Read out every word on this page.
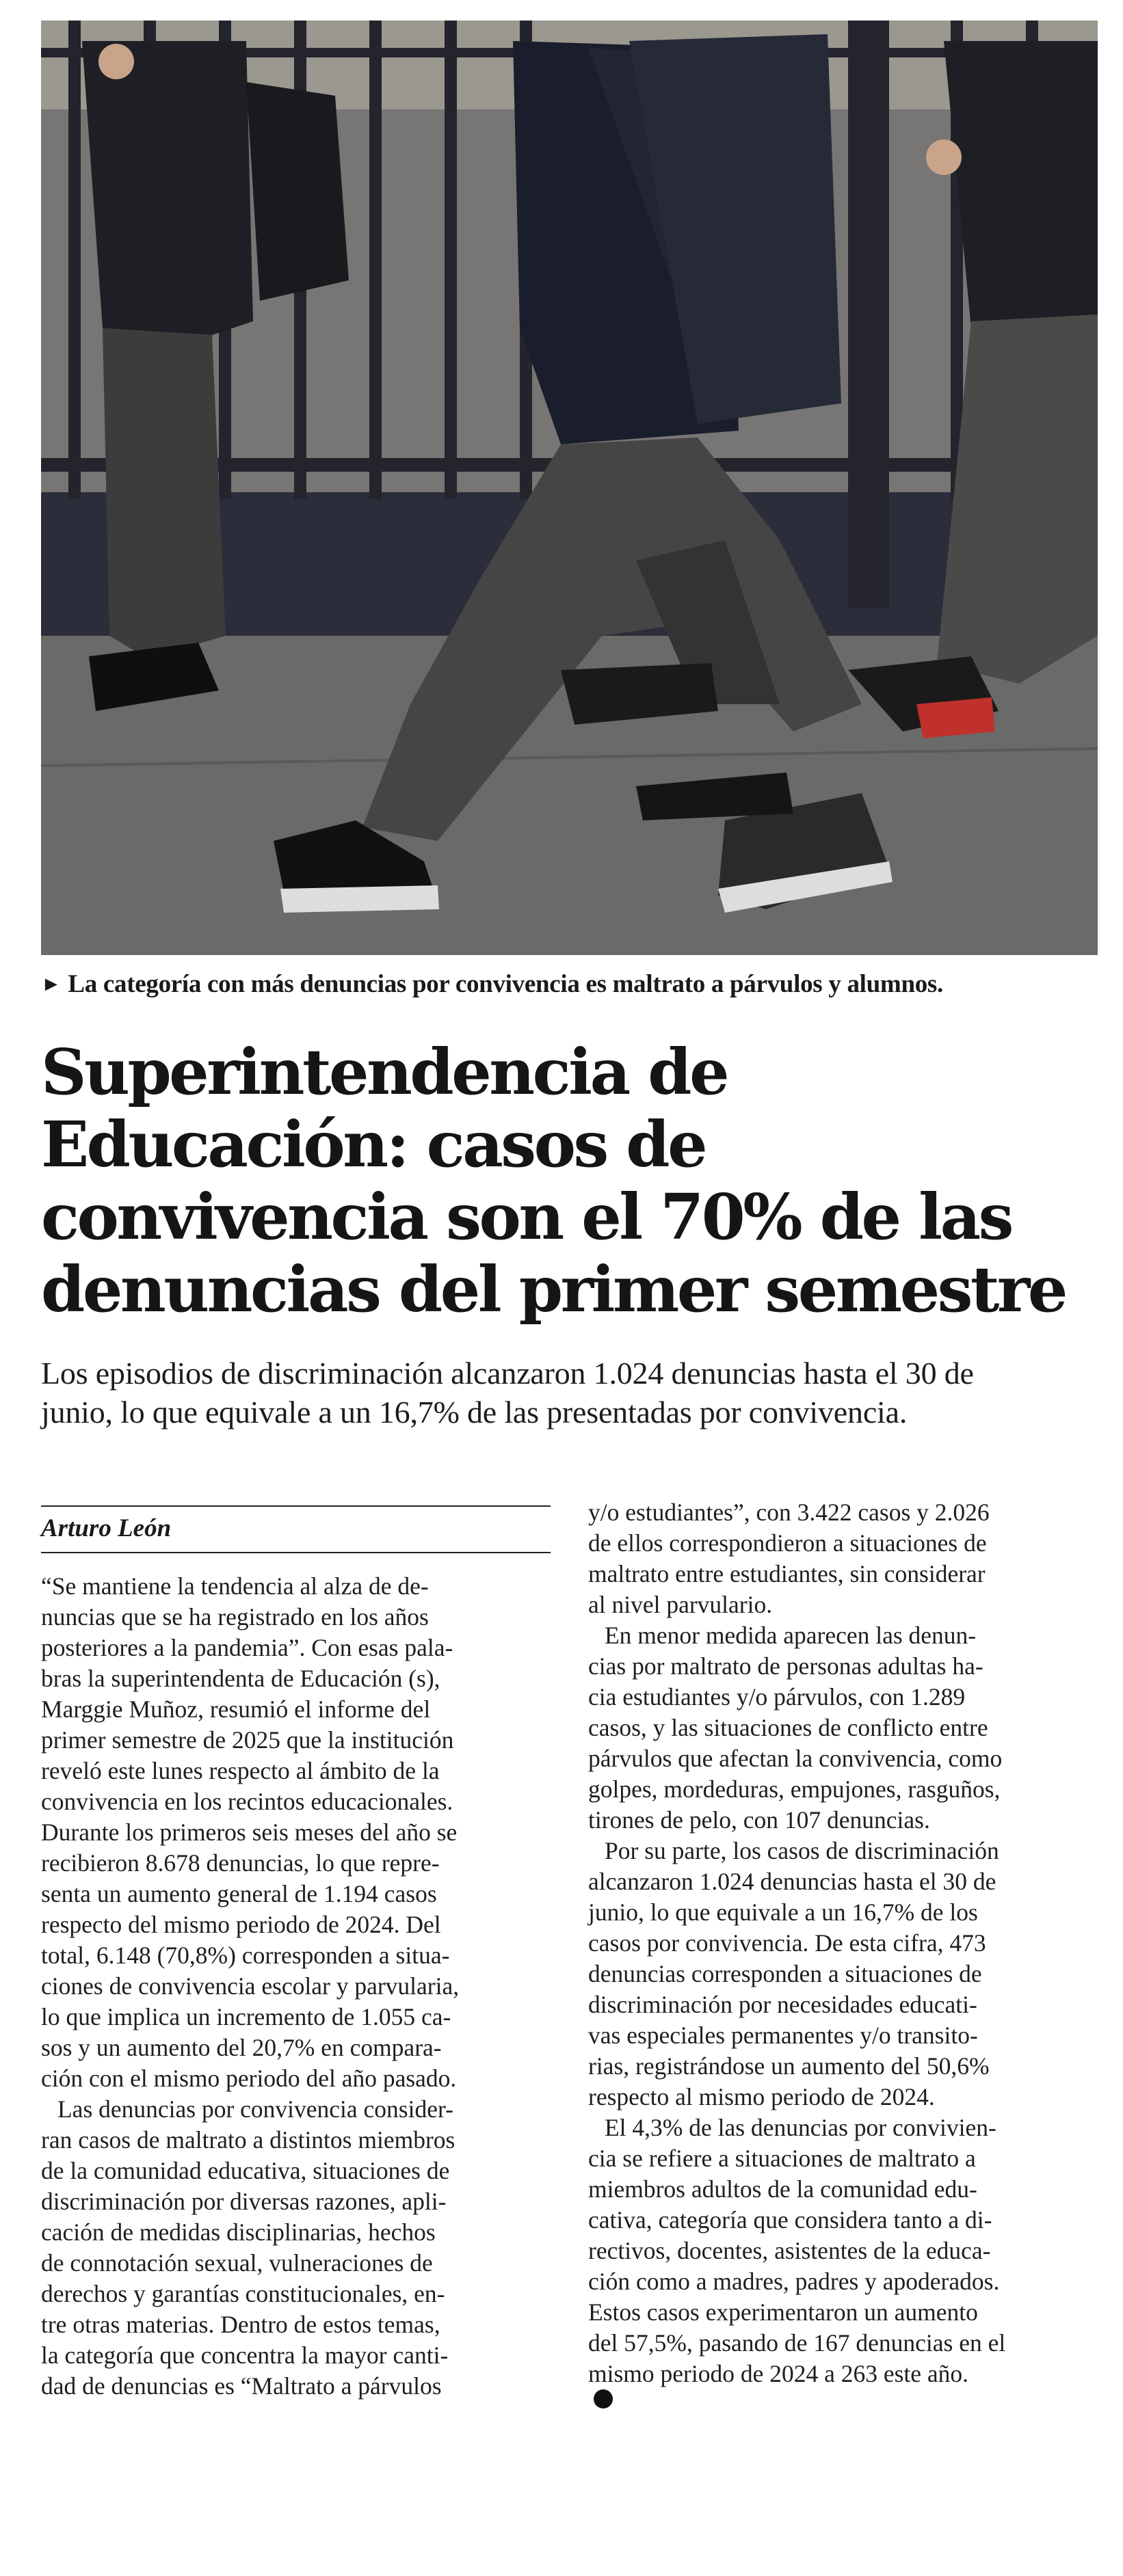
► La categoría con más denuncias por convivencia es maltrato a párvulos y alumnos.
Superintendencia de
Educación: casos de
convivencia son el 70% de las
denuncias del primer semestre

Los episodios de discriminación alcanzaron 1.024 denuncias hasta el 30 de
junio, lo que equivale a un 16,7% de las presentadas por convivencia.

Arturo León
“Se mantiene la tendencia al alza de de-
nuncias que se ha registrado en los años
posteriores a la pandemia”. Con esas pala-
bras la superintendenta de Educación (s),
Marggie Muñoz, resumió el informe del
primer semestre de 2025 que la institución
reveló este lunes respecto al ámbito de la
convivencia en los recintos educacionales.
Durante los primeros seis meses del año se
recibieron 8.678 denuncias, lo que repre-
senta un aumento general de 1.194 casos
respecto del mismo periodo de 2024. Del
total, 6.148 (70,8%) corresponden a situa-
ciones de convivencia escolar y parvularia,
lo que implica un incremento de 1.055 ca-
sos y un aumento del 20,7% en compara-
ción con el mismo periodo del año pasado.
Las denuncias por convivencia consider-
ran casos de maltrato a distintos miembros
de la comunidad educativa, situaciones de
discriminación por diversas razones, apli-
cación de medidas disciplinarias, hechos
de connotación sexual, vulneraciones de
derechos y garantías constitucionales, en-
tre otras materias. Dentro de estos temas,
la categoría que concentra la mayor canti-
dad de denuncias es “Maltrato a párvulos
y/o estudiantes”, con 3.422 casos y 2.026
de ellos correspondieron a situaciones de
maltrato entre estudiantes, sin considerar
al nivel parvulario.
En menor medida aparecen las denun-
cias por maltrato de personas adultas ha-
cia estudiantes y/o párvulos, con 1.289
casos, y las situaciones de conflicto entre
párvulos que afectan la convivencia, como
golpes, mordeduras, empujones, rasguños,
tirones de pelo, con 107 denuncias.
Por su parte, los casos de discriminación
alcanzaron 1.024 denuncias hasta el 30 de
junio, lo que equivale a un 16,7% de los
casos por convivencia. De esta cifra, 473
denuncias corresponden a situaciones de
discriminación por necesidades educati-
vas especiales permanentes y/o transito-
rias, registrándose un aumento del 50,6%
respecto al mismo periodo de 2024.
El 4,3% de las denuncias por convivien-
cia se refiere a situaciones de maltrato a
miembros adultos de la comunidad edu-
cativa, categoría que considera tanto a di-
rectivos, docentes, asistentes de la educa-
ción como a madres, padres y apoderados.
Estos casos experimentaron un aumento
del 57,5%, pasando de 167 denuncias en el
mismo periodo de 2024 a 263 este año.
